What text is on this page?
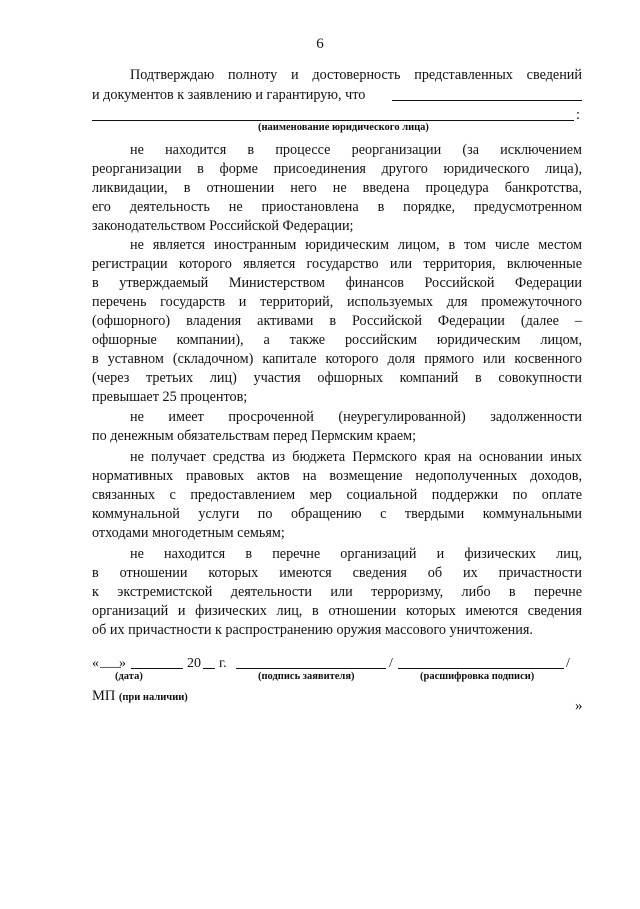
6
Подтверждаю полноту и достоверность представленных сведений
и документов к заявлению и гарантирую, что
:
(наименование юридического лица)
не находится в процессе реорганизации (за исключением
реорганизации в форме присоединения другого юридического лица),
ликвидации, в отношении него не введена процедура банкротства,
его деятельность не приостановлена в порядке, предусмотренном
законодательством Российской Федерации;
не является иностранным юридическим лицом, в том числе местом
регистрации которого является государство или территория, включенные
в утверждаемый Министерством финансов Российской Федерации
перечень государств и территорий, используемых для промежуточного
(офшорного) владения активами в Российской Федерации (далее –
офшорные компании), а также российским юридическим лицом,
в уставном (складочном) капитале которого доля прямого или косвенного
(через третьих лиц) участия офшорных компаний в совокупности
превышает 25 процентов;
не имеет просроченной (неурегулированной) задолженности
по денежным обязательствам перед Пермским краем;
не получает средства из бюджета Пермского края на основании иных
нормативных правовых актов на возмещение недополученных доходов,
связанных с предоставлением мер социальной поддержки по оплате
коммунальной услуги по обращению с твердыми коммунальными
отходами многодетным семьям;
не находится в перечне организаций и физических лиц,
в отношении которых имеются сведения об их причастности
к экстремистской деятельности или терроризму, либо в перечне
организаций и физических лиц, в отношении которых имеются сведения
об их причастности к распространению оружия массового уничтожения.
« ___
»	20 г.	/	/
(дата)	(подпись заявителя)	(расшифровка подписи)
МП (при наличии)
»
